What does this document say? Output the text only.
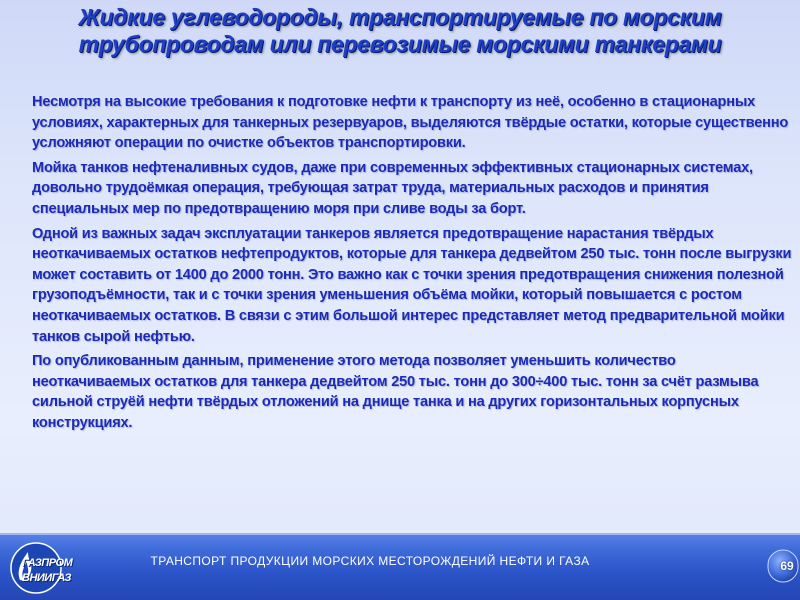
Жидкие углеводороды, транспортируемые по морским
трубопроводам или перевозимые морскими танкерами

Несмотря на высокие требования к подготовке нефти к транспорту из неё, особенно в стационарных условиях, характерных для танкерных резервуаров, выделяются твёрдые остатки, которые существенно усложняют операции по очистке объектов транспортировки.

Мойка танков нефтеналивных судов, даже при современных эффективных стационарных системах, довольно трудоёмкая операция, требующая затрат труда, материальных расходов и принятия специальных мер по предотвращению моря при сливе воды за борт.

Одной из важных задач эксплуатации танкеров является предотвращение нарастания твёрдых неоткачиваемых остатков нефтепродуктов, которые для танкера дедвейтом 250 тыс. тонн после выгрузки может составить от 1400 до 2000 тонн. Это важно как с точки зрения предотвращения снижения полезной грузоподъёмности, так и с точки зрения уменьшения объёма мойки, который повышается с ростом неоткачиваемых остатков. В связи с этим большой интерес представляет метод предварительной мойки танков сырой нефтью.

По опубликованным данным, применение этого метода позволяет уменьшить количество неоткачиваемых остатков для танкера дедвейтом 250 тыс. тонн до 300÷400 тыс. тонн за счёт размыва сильной струёй нефти твёрдых отложений на днище танка и на других горизонтальных корпусных конструкциях.

ГАЗПРОМ
ВНИИГАЗ
ТРАНСПОРТ ПРОДУКЦИИ МОРСКИХ МЕСТОРОЖДЕНИЙ НЕФТИ И ГАЗА	69
